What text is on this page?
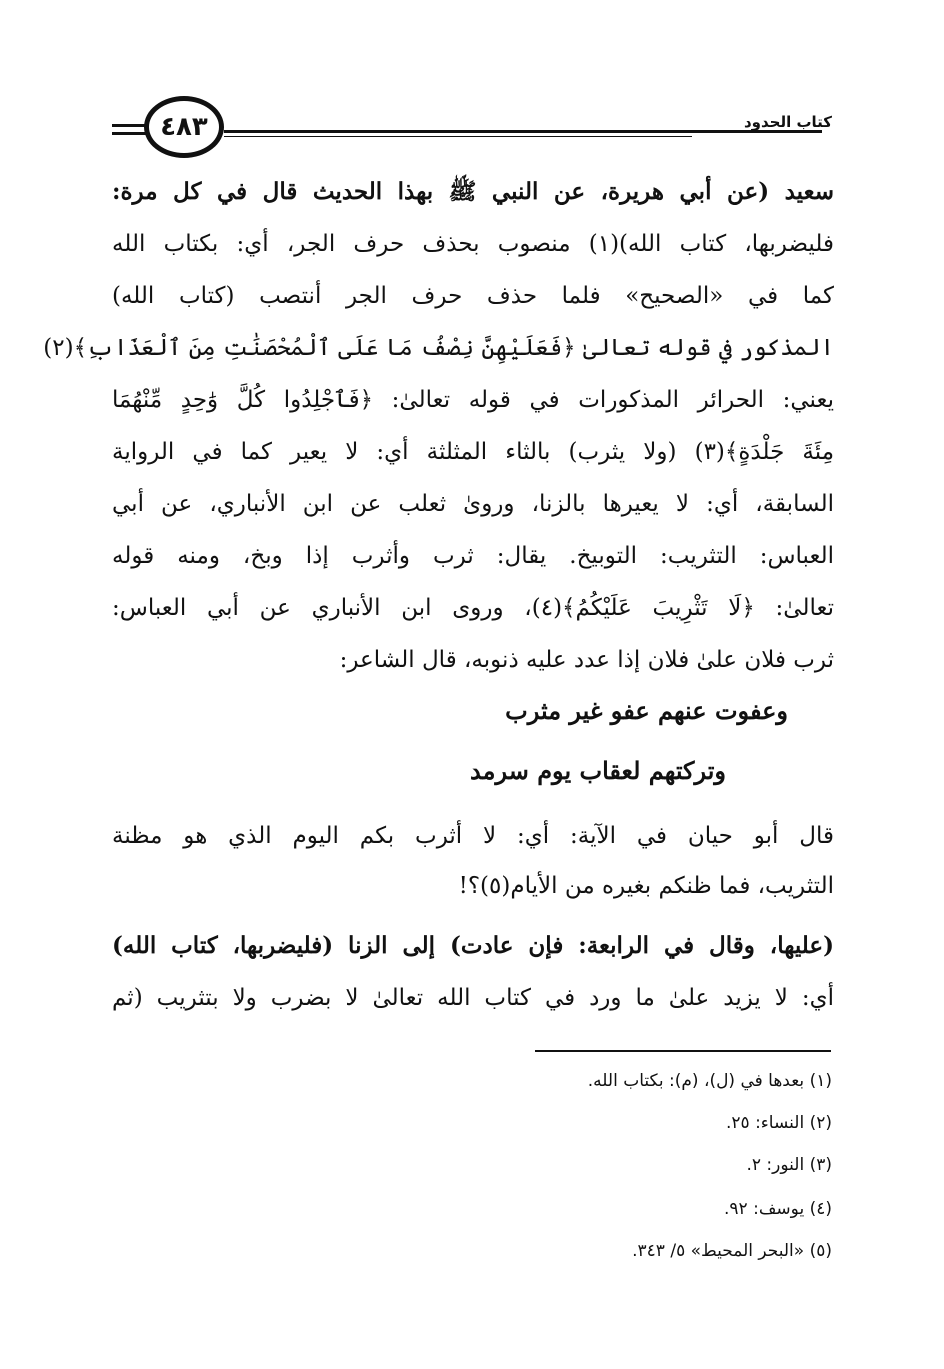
كتاب الحدود
٤٨٣
سعيد (عن أبي هريرة، عن النبي ﷺ بهذا الحديث قال في كل مرة:
فليضربها، كتاب الله)(١) منصوب بحذف حرف الجر، أي: بكتاب الله
كما في «الصحيح» فلما حذف حرف الجر أنتصب (كتاب الله)
المذكور في قوله تعالىٰ ﴿فَعَلَيْهِنَّ نِصْفُ مَا عَلَى ٱلْمُحْصَنَٰتِ مِنَ ٱلْعَذَابِ﴾(٢)
يعني: الحرائر المذكورات في قوله تعالىٰ: ﴿فَٱجْلِدُوا كُلَّ وَٰحِدٍ مِّنْهُمَا
مِئَةَ جَلْدَةٍ﴾(٣) (ولا يثرب) بالثاء المثلثة أي: لا يعير كما في الرواية
السابقة، أي: لا يعيرها بالزنا، وروىٰ ثعلب عن ابن الأنباري، عن أبي
العباس: التثريب: التوبيخ. يقال: ثرب وأثرب إذا وبخ، ومنه قوله
تعالىٰ: ﴿لَا تَثْرِيبَ عَلَيْكُمُ﴾(٤)، وروى ابن الأنباري عن أبي العباس:
ثرب فلان علىٰ فلان إذا عدد عليه ذنوبه، قال الشاعر:
وعفوت عنهم عفو غير مثرب
وتركتهم لعقاب يوم سرمد
قال أبو حيان في الآية: أي: لا أثرب بكم اليوم الذي هو مظنة
التثريب، فما ظنكم بغيره من الأيام(٥)؟!
(عليها، وقال في الرابعة: فإن عادت) إلى الزنا (فليضربها، كتاب الله)
أي: لا يزيد علىٰ ما ورد في كتاب الله تعالىٰ لا بضرب ولا بتثريب (ثم
(١) بعدها في (ل)، (م): بكتاب الله.
(٢) النساء: ٢٥.
(٣) النور: ٢.
(٤) يوسف: ٩٢.
(٥) «البحر المحيط» ٥/ ٣٤٣.
